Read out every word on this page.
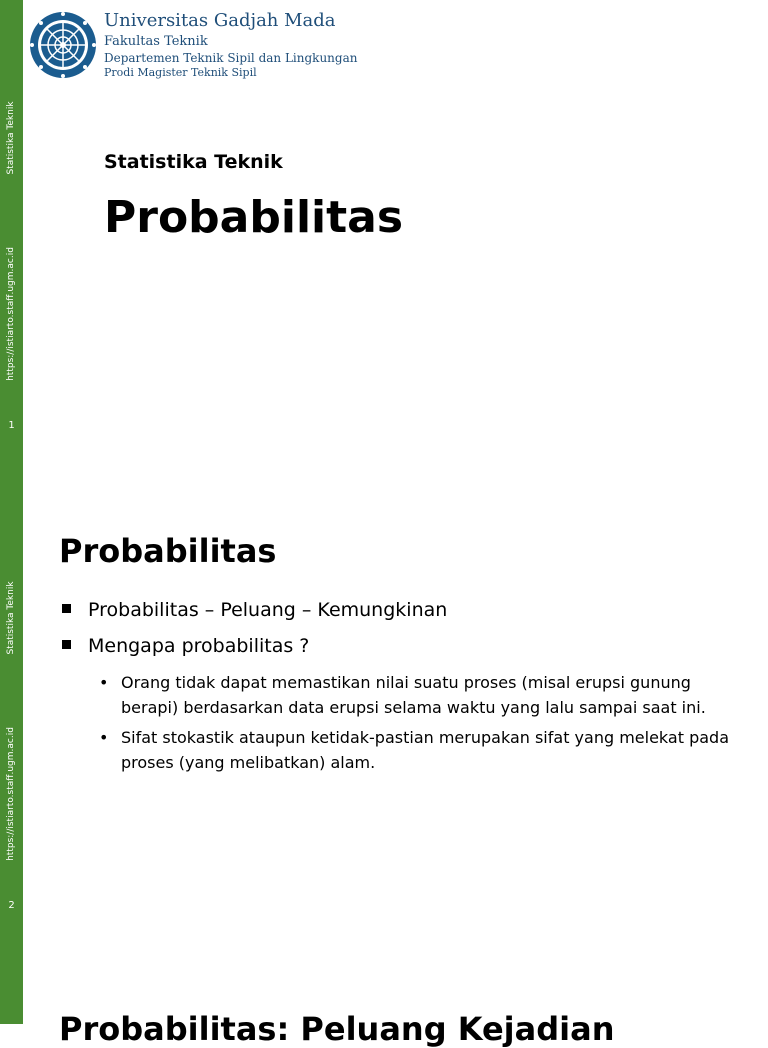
Statistika Teknik
https://istiarto.staff.ugm.ac.id
1
Universitas Gadjah Mada
Fakultas Teknik
Departemen Teknik Sipil dan Lingkungan
Prodi Magister Teknik Sipil
Statistika Teknik
Probabilitas
Statistika Teknik
https://istiarto.staff.ugm.ac.id
2
Probabilitas
Probabilitas – Peluang – Kemungkinan
Mengapa probabilitas ?
• Orang tidak dapat memastikan nilai suatu proses (misal erupsi gunung berapi) berdasarkan data erupsi selama waktu yang lalu sampai saat ini.
• Sifat stokastik ataupun ketidak-pastian merupakan sifat yang melekat pada proses (yang melibatkan) alam.
Probabilitas: Peluang Kejadian
